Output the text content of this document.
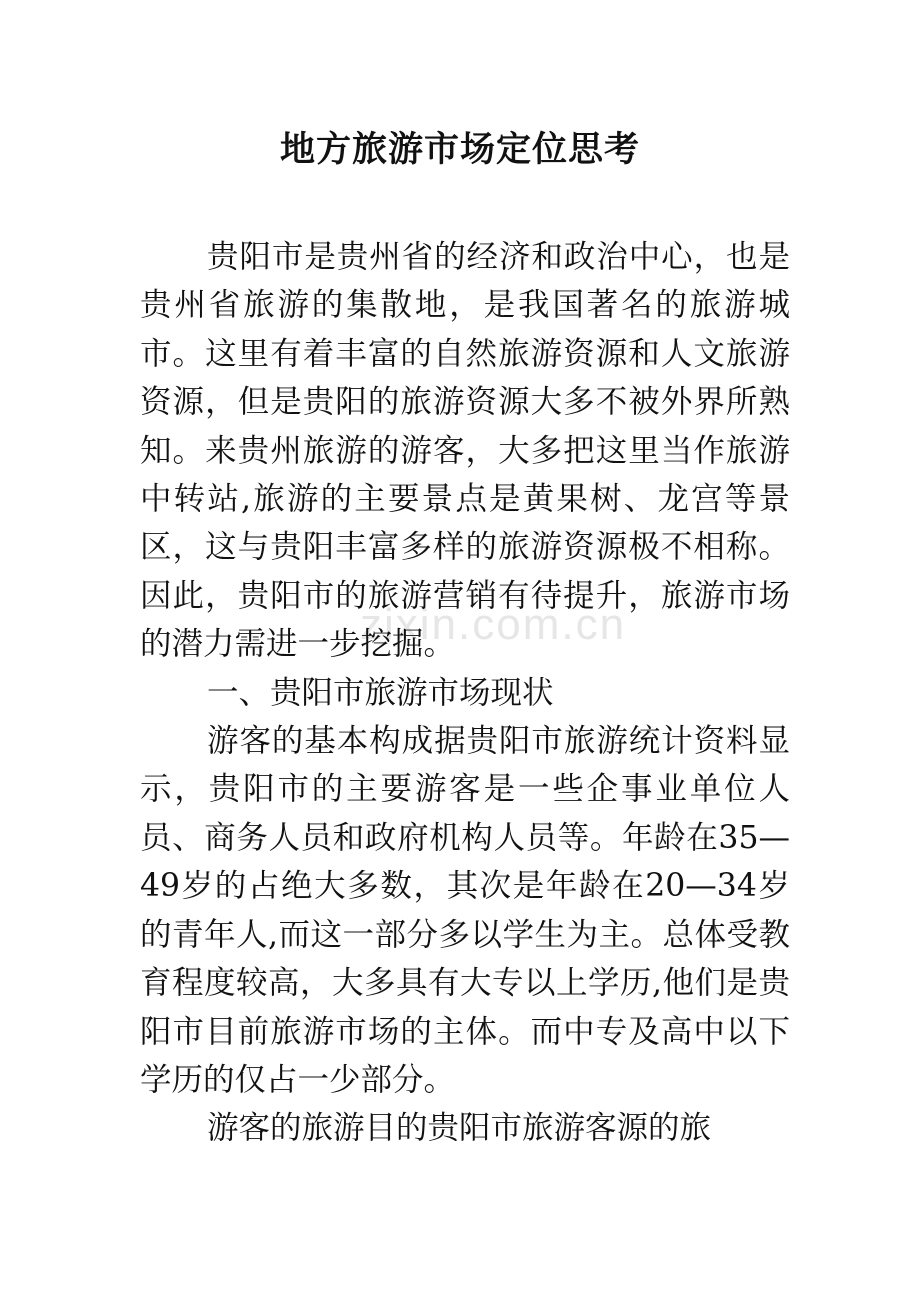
地方旅游市场定位思考
zixin.com.cn

贵阳市是贵州省的经济和政治中心，也是贵州省旅游的集散地，是我国著名的旅游城市。这里有着丰富的自然旅游资源和人文旅游资源，但是贵阳的旅游资源大多不被外界所熟知。来贵州旅游的游客，大多把这里当作旅游中转站,旅游的主要景点是黄果树、龙宫等景区，这与贵阳丰富多样的旅游资源极不相称。因此，贵阳市的旅游营销有待提升，旅游市场的潜力需进一步挖掘。

一、贵阳市旅游市场现状

游客的基本构成据贵阳市旅游统计资料显示，贵阳市的主要游客是一些企事业单位人员、商务人员和政府机构人员等。年龄在35—49岁的占绝大多数，其次是年龄在20—34岁的青年人,而这一部分多以学生为主。总体受教育程度较高，大多具有大专以上学历,他们是贵阳市目前旅游市场的主体。而中专及高中以下学历的仅占一少部分。

游客的旅游目的贵阳市旅游客源的旅
